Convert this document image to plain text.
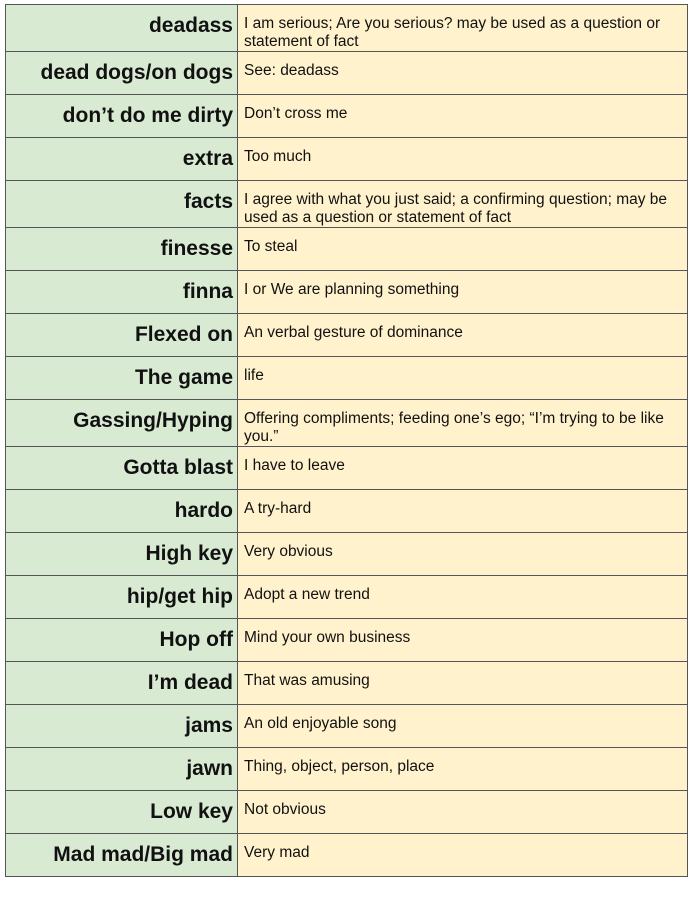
deadass	I am serious; Are you serious? may be used as a question or statement of fact
dead dogs/on dogs	See: deadass
don’t do me dirty	Don’t cross me
extra	Too much
facts	I agree with what you just said; a confirming question; may be used as a question or statement of fact
finesse	To steal
finna	I or We are planning something
Flexed on	An verbal gesture of dominance
The game	life
Gassing/Hyping	Offering compliments; feeding one’s ego; “I’m trying to be like you.”
Gotta blast	I have to leave
hardo	A try-hard
High key	Very obvious
hip/get hip	Adopt a new trend
Hop off	Mind your own business
I’m dead	That was amusing
jams	An old enjoyable song
jawn	Thing, object, person, place
Low key	Not obvious
Mad mad/Big mad	Very mad
